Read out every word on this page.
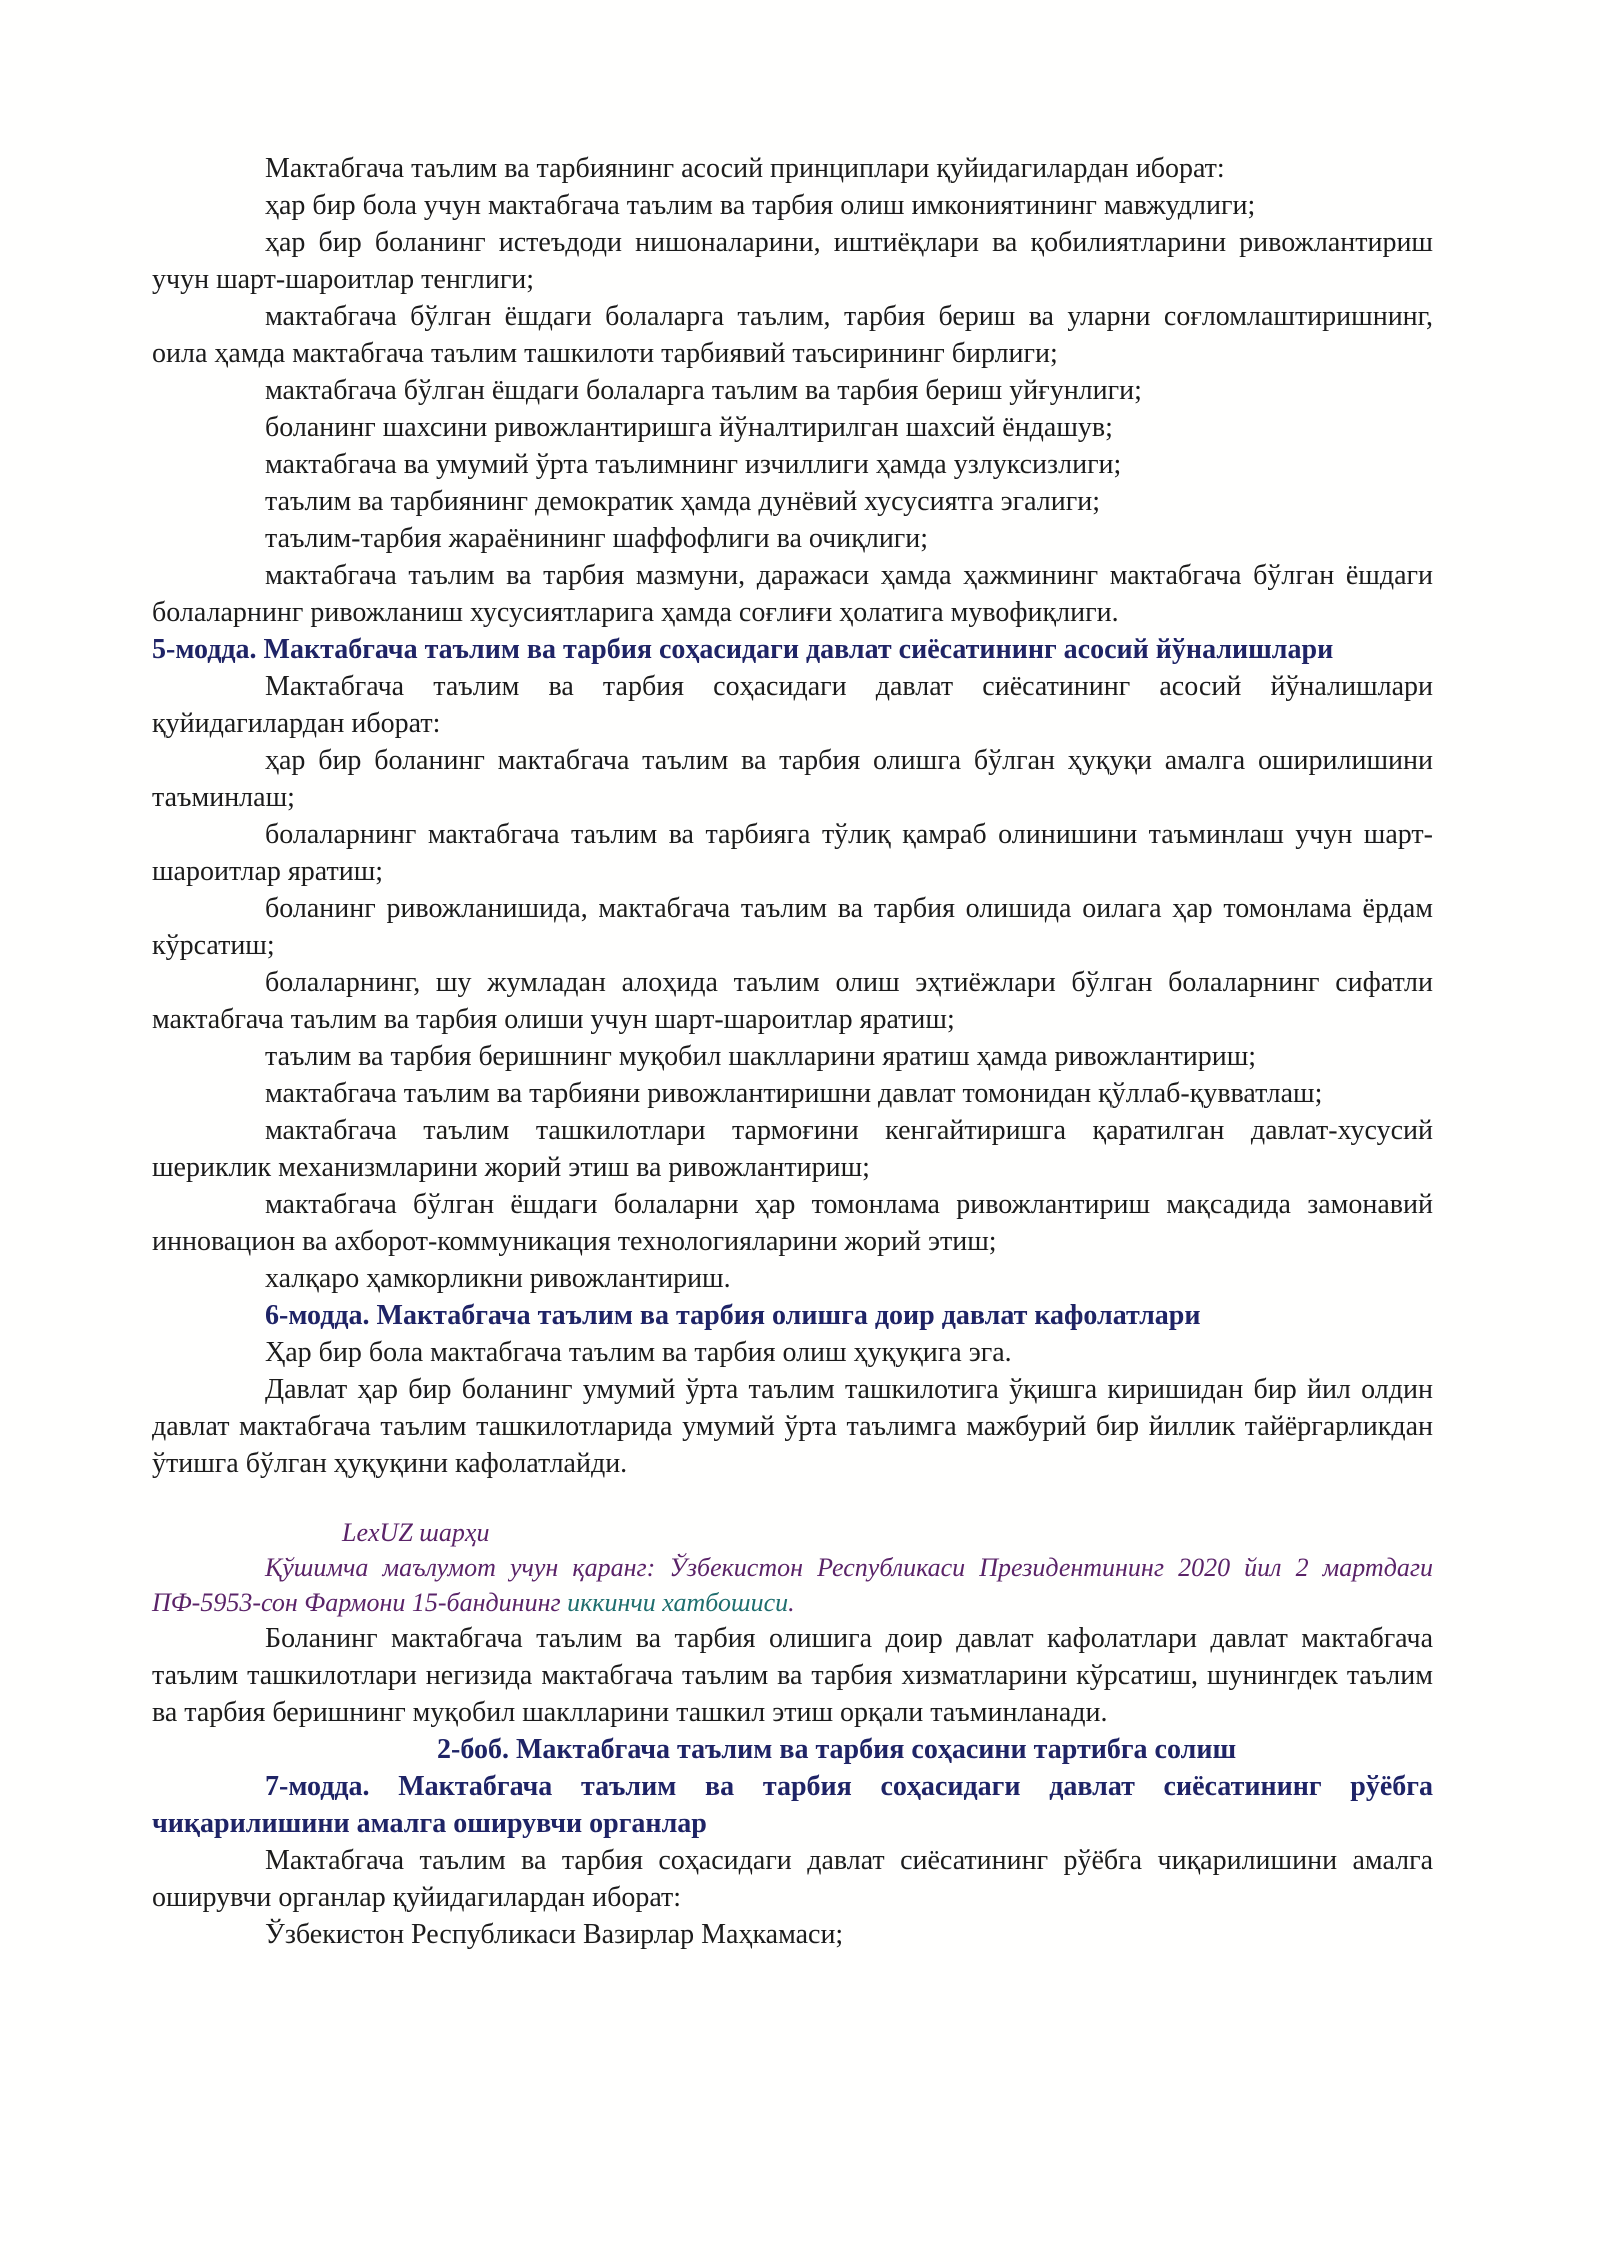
Мактабгача таълим ва тарбиянинг асосий принциплари қуйидагилардан иборат:

ҳар бир бола учун мактабгача таълим ва тарбия олиш имкониятининг мавжудлиги;

ҳар бир боланинг истеъдоди нишоналарини, иштиёқлари ва қобилиятларини ривожлантириш учун шарт-шароитлар тенглиги;

мактабгача бўлган ёшдаги болаларга таълим, тарбия бериш ва уларни соғломлаштиришнинг, оила ҳамда мактабгача таълим ташкилоти тарбиявий таъсирининг бирлиги;

мактабгача бўлган ёшдаги болаларга таълим ва тарбия бериш уйғунлиги;

боланинг шахсини ривожлантиришга йўналтирилган шахсий ёндашув;

мактабгача ва умумий ўрта таълимнинг изчиллиги ҳамда узлуксизлиги;

таълим ва тарбиянинг демократик ҳамда дунёвий хусусиятга эгалиги;

таълим-тарбия жараёнининг шаффофлиги ва очиқлиги;

мактабгача таълим ва тарбия мазмуни, даражаси ҳамда ҳажмининг мактабгача бўлган ёшдаги болаларнинг ривожланиш хусусиятларига ҳамда соғлиғи ҳолатига мувофиқлиги.

5-модда. Мактабгача таълим ва тарбия соҳасидаги давлат сиёсатининг асосий йўналишлари

Мактабгача таълим ва тарбия соҳасидаги давлат сиёсатининг асосий йўналишлари қуйидагилардан иборат:

ҳар бир боланинг мактабгача таълим ва тарбия олишга бўлган ҳуқуқи амалга оширилишини таъминлаш;

болаларнинг мактабгача таълим ва тарбияга тўлиқ қамраб олинишини таъминлаш учун шарт-шароитлар яратиш;

боланинг ривожланишида, мактабгача таълим ва тарбия олишида оилага ҳар томонлама ёрдам кўрсатиш;

болаларнинг, шу жумладан алоҳида таълим олиш эҳтиёжлари бўлган болаларнинг сифатли мактабгача таълим ва тарбия олиши учун шарт-шароитлар яратиш;

таълим ва тарбия беришнинг муқобил шаклларини яратиш ҳамда ривожлантириш;

мактабгача таълим ва тарбияни ривожлантиришни давлат томонидан қўллаб-қувватлаш;

мактабгача таълим ташкилотлари тармоғини кенгайтиришга қаратилган давлат-хусусий шериклик механизмларини жорий этиш ва ривожлантириш;

мактабгача бўлган ёшдаги болаларни ҳар томонлама ривожлантириш мақсадида замонавий инновацион ва ахборот-коммуникация технологияларини жорий этиш;

халқаро ҳамкорликни ривожлантириш.

6-модда. Мактабгача таълим ва тарбия олишга доир давлат кафолатлари

Ҳар бир бола мактабгача таълим ва тарбия олиш ҳуқуқига эга.

Давлат ҳар бир боланинг умумий ўрта таълим ташкилотига ўқишга киришидан бир йил олдин давлат мактабгача таълим ташкилотларида умумий ўрта таълимга мажбурий бир йиллик тайёргарликдан ўтишга бўлган ҳуқуқини кафолатлайди.

LexUZ шарҳи

Қўшимча маълумот учун қаранг: Ўзбекистон Республикаси Президентининг 2020 йил 2 мартдаги ПФ-5953-сон Фармони 15-бандининг иккинчи хатбошиси.

Боланинг мактабгача таълим ва тарбия олишига доир давлат кафолатлари давлат мактабгача таълим ташкилотлари негизида мактабгача таълим ва тарбия хизматларини кўрсатиш, шунингдек таълим ва тарбия беришнинг муқобил шаклларини ташкил этиш орқали таъминланади.

2-боб. Мактабгача таълим ва тарбия соҳасини тартибга солиш

7-модда. Мактабгача таълим ва тарбия соҳасидаги давлат сиёсатининг рўёбга чиқарилишини амалга оширувчи органлар

Мактабгача таълим ва тарбия соҳасидаги давлат сиёсатининг рўёбга чиқарилишини амалга оширувчи органлар қуйидагилардан иборат:

Ўзбекистон Республикаси Вазирлар Маҳкамаси;
